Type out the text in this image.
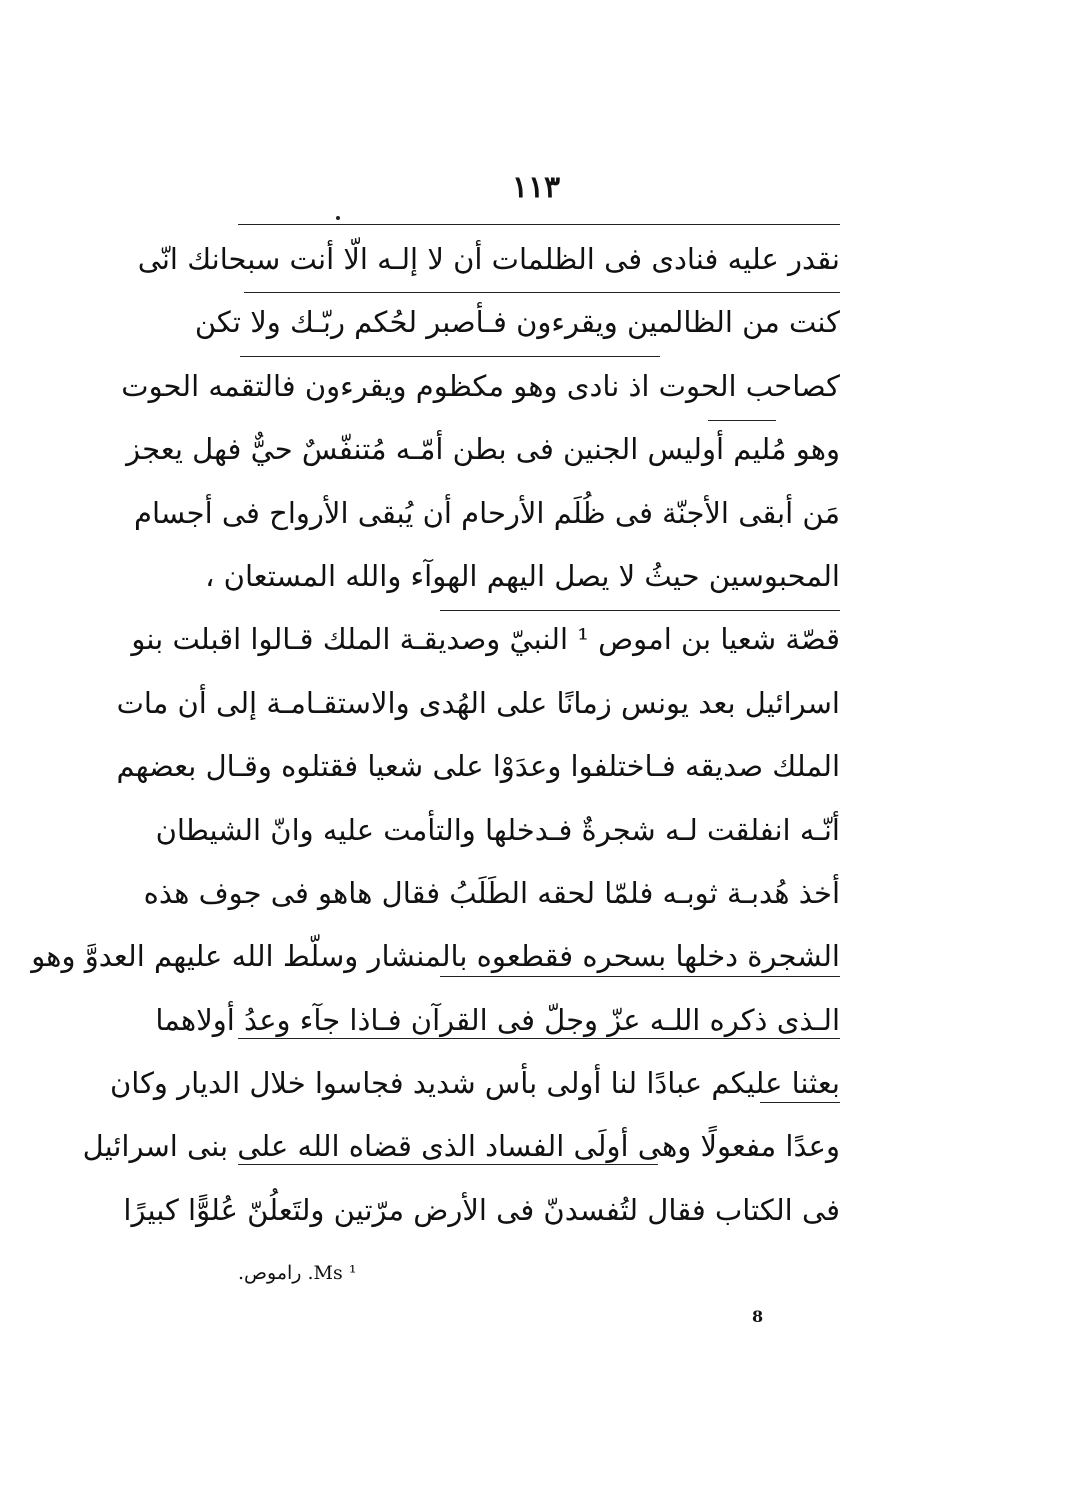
١١٣
نقدر عليه فنادى فى الظلمات أن لا إلـه الّا أنت سبحانك انّى
كنت من الظالمين ويقرءون فـأصبر لحُكم ربّـك ولا تكن
كصاحب الحوت اذ نادى وهو مكظوم ويقرءون فالتقمه الحوت
وهو مُليم أوليس الجنين فى بطن أمّـه مُتنفّسٌ حيٌّ فهل يعجز
مَن أبقى الأجنّة فى ظُلَم الأرحام أن يُبقى الأرواح فى أجسام
المحبوسين حيثُ لا يصل اليهم الهوآء والله المستعان ،
قصّة شعيا بن اموص ¹ النبيّ وصديقـة الملك قـالوا اقبلت بنو
اسرائيل بعد يونس زمانًا على الهُدى والاستقـامـة إلى أن مات
الملك صديقه فـاختلفوا وعدَوْا على شعيا فقتلوه وقـال بعضهم
أنّـه انفلقت لـه شجرةٌ فـدخلها والتأمت عليه وانّ الشيطان
أخذ هُدبـة ثوبـه فلمّا لحقه الطَلَبُ فقال هاهو فى جوف هذه
الشجرة دخلها بسحره فقطعوه بالمنشار وسلّط الله عليهم العدوَّ وهو
الـذى ذكره اللـه عزّ وجلّ فى القرآن فـاذا جآء وعدُ أولاهما
بعثنا عليكم عبادًا لنا أولى بأس شديد فجاسوا خلال الديار وكان
وعدًا مفعولًا وهى أولَى الفساد الذى قضاه الله على بنى اسرائيل
فى الكتاب فقال لتُفسدنّ فى الأرض مرّتين ولتَعلُنّ عُلوًّا كبيرًا
¹ Ms. راموص.
8
